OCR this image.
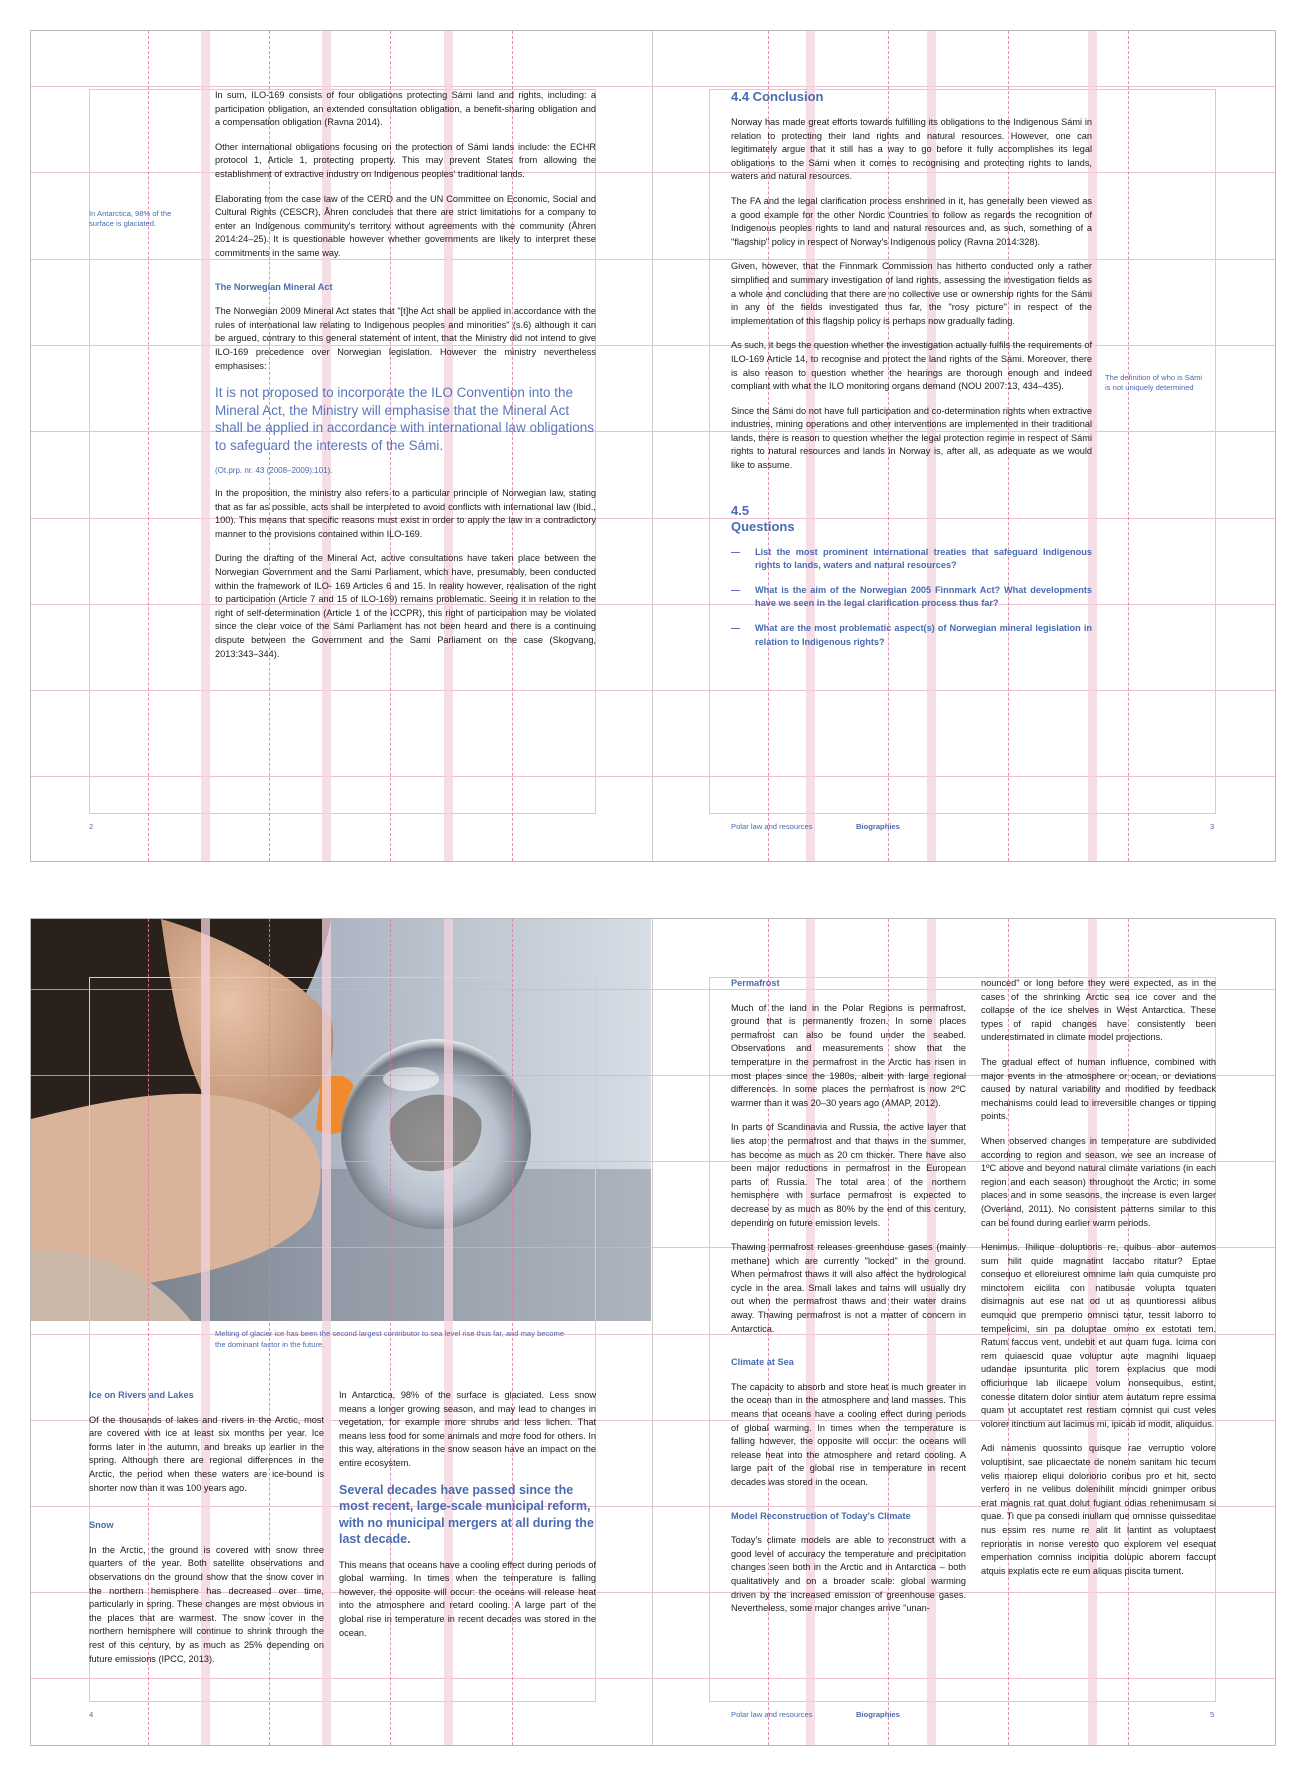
In Antarctica, 98% of the surface is glaciated.

In sum, ILO-169 consists of four obligations protecting Sámi land and rights, including: a participation obligation, an extended consultation obligation, a benefit-sharing obligation and a compensation obligation (Ravna 2014).

Other international obligations focusing on the protection of Sámi lands include: the ECHR protocol 1, Article 1, protecting property. This may prevent States from allowing the establishment of extractive industry on Indigenous peoples' traditional lands.

Elaborating from the case law of the CERD and the UN Committee on Economic, Social and Cultural Rights (CESCR), Åhren concludes that there are strict limitations for a company to enter an Indigenous community's territory without agreements with the community (Åhren 2014:24–25). It is questionable however whether governments are likely to interpret these commitments in the same way.

The Norwegian Mineral Act

The Norwegian 2009 Mineral Act states that "[t]he Act shall be applied in accordance with the rules of international law relating to Indigenous peoples and minorities" (s.6) although it can be argued, contrary to this general statement of intent, that the Ministry did not intend to give ILO-169 precedence over Norwegian legislation. However the ministry nevertheless emphasises:

It is not proposed to incorporate the ILO Convention into the Mineral Act, the Ministry will emphasise that the Mineral Act shall be applied in accordance with international law obligations to safeguard the interests of the Sámi.

(Ot.prp. nr. 43 (2008–2009):101).

In the proposition, the ministry also refers to a particular principle of Norwegian law, stating that as far as possible, acts shall be interpreted to avoid conflicts with international law (Ibid., 100). This means that specific reasons must exist in order to apply the law in a contradictory manner to the provisions contained within ILO-169.

During the drafting of the Mineral Act, active consultations have taken place between the Norwegian Government and the Sami Parliament, which have, presumably, been conducted within the framework of ILO- 169 Articles 6 and 15. In reality however, realisation of the right to participation (Article 7 and 15 of ILO-169) remains problematic. Seeing it in relation to the right of self-determination (Article 1 of the ICCPR), this right of participation may be violated since the clear voice of the Sámi Parliament has not been heard and there is a continuing dispute between the Government and the Sami Parliament on the case (Skogvang, 2013:343–344).

2

4.4 Conclusion

Norway has made great efforts towards fulfilling its obligations to the Indigenous Sámi in relation to protecting their land rights and natural resources. However, one can legitimately argue that it still has a way to go before it fully accomplishes its legal obligations to the Sámi when it comes to recognising and protecting rights to lands, waters and natural resources.

The FA and the legal clarification process enshrined in it, has generally been viewed as a good example for the other Nordic Countries to follow as regards the recognition of Indigenous peoples rights to land and natural resources and, as such, something of a "flagship" policy in respect of Norway's Indigenous policy (Ravna 2014:328).

Given, however, that the Finnmark Commission has hitherto conducted only a rather simplified and summary investigation of land rights, assessing the investigation fields as a whole and concluding that there are no collective use or ownership rights for the Sámi in any of the fields investigated thus far, the "rosy picture" in respect of the implementation of this flagship policy is perhaps now gradually fading.

As such, it begs the question whether the investigation actually fulfils the requirements of ILO-169 Article 14, to recognise and protect the land rights of the Sámi. Moreover, there is also reason to question whether the hearings are thorough enough and indeed compliant with what the ILO monitoring organs demand (NOU 2007:13, 434–435).

Since the Sámi do not have full participation and co-determination rights when extractive industries, mining operations and other interventions are implemented in their traditional lands, there is reason to question whether the legal protection regime in respect of Sámi rights to natural resources and lands in Norway is, after all, as adequate as we would like to assume.

4.5

Questions

— List the most prominent international treaties that safeguard Indigenous rights to lands, waters and natural resources?
— What is the aim of the Norwegian 2005 Finnmark Act? What developments have we seen in the legal clarification process thus far?
— What are the most problematic aspect(s) of Norwegian mineral legislation in relation to Indigenous rights?
The definition of who is Sámi is not uniquely determined
Polar law and resources	Biographies	3
Melting of glacier ice has been the second largest contributor to sea level rise thus far, and may become the dominant factor in the future.

Ice on Rivers and Lakes

Of the thousands of lakes and rivers in the Arctic, most are covered with ice at least six months per year. Ice forms later in the autumn, and breaks up earlier in the spring. Although there are regional differences in the Arctic, the period when these waters are ice-bound is shorter now than it was 100 years ago.

Snow

In the Arctic, the ground is covered with snow three quarters of the year. Both satellite observations and observations on the ground show that the snow cover in the northern hemisphere has decreased over time, particularly in spring. These changes are most obvious in the places that are warmest. The snow cover in the northern hemisphere will continue to shrink through the rest of this century, by as much as 25% depending on future emissions (IPCC, 2013).

In Antarctica, 98% of the surface is glaciated. Less snow means a longer growing season, and may lead to changes in vegetation, for example more shrubs and less lichen. That means less food for some animals and more food for others. In this way, alterations in the snow season have an impact on the entire ecosystem.

Several decades have passed since the most recent, large-scale municipal reform, with no municipal mergers at all during the last decade.

This means that oceans have a cooling effect during periods of global warming. In times when the temperature is falling however, the opposite will occur: the oceans will release heat into the atmosphere and retard cooling. A large part of the global rise in temperature in recent decades was stored in the ocean.

4

Permafrost

Much of the land in the Polar Regions is permafrost, ground that is permanently frozen. In some places permafrost can also be found under the seabed. Observations and measurements show that the temperature in the permafrost in the Arctic has risen in most places since the 1980s, albeit with large regional differences. In some places the permafrost is now 2ºC warmer than it was 20–30 years ago (AMAP, 2012).

In parts of Scandinavia and Russia, the active layer that lies atop the permafrost and that thaws in the summer, has become as much as 20 cm thicker. There have also been major reductions in permafrost in the European parts of Russia. The total area of the northern hemisphere with surface permafrost is expected to decrease by as much as 80% by the end of this century, depending on future emission levels.

Thawing permafrost releases greenhouse gases (mainly methane) which are currently "locked" in the ground. When permafrost thaws it will also affect the hydrological cycle in the area. Small lakes and tarns will usually dry out when the permafrost thaws and their water drains away. Thawing permafrost is not a matter of concern in Antarctica.

Climate at Sea

The capacity to absorb and store heat is much greater in the ocean than in the atmosphere and land masses. This means that oceans have a cooling effect during periods of global warming. In times when the temperature is falling however, the opposite will occur: the oceans will release heat into the atmosphere and retard cooling. A large part of the global rise in temperature in recent decades was stored in the ocean.

Model Reconstruction of Today's Climate

Today's climate models are able to reconstruct with a good level of accuracy the temperature and precipitation changes seen both in the Arctic and in Antarctica – both qualitatively and on a broader scale: global warming driven by the increased emission of greenhouse gases. Nevertheless, some major changes arrive "unan-

nounced" or long before they were expected, as in the cases of the shrinking Arctic sea ice cover and the collapse of the ice shelves in West Antarctica. These types of rapid changes have consistently been underestimated in climate model projections.

The gradual effect of human influence, combined with major events in the atmosphere or ocean, or deviations caused by natural variability and modified by feedback mechanisms could lead to irreversible changes or tipping points.

When observed changes in temperature are subdivided according to region and season, we see an increase of 1ºC above and beyond natural climate variations (in each region and each season) throughout the Arctic; in some places and in some seasons, the increase is even larger (Overland, 2011). No consistent patterns similar to this can be found during earlier warm periods.

Henimus. Ihilique doluptioris re, quibus abor autemos sum hilit quide magnatint laccabo ritatur? Eptae consequo et elloreiurest omnime lam quia cumquiste pro minctorem eicilita con natibusae volupta tquaten disimagnis aut ese nat od ut as quuntioressi alibus eumquid que premperio omnisci tatur, tessit laborro to tempelicimi, sin pa doluptae ommo ex estotati tem. Ratum faccus vent, undebit et aut quam fuga. Icima con rem quiaescid quae voluptur aute magnihi liquaep udandae ipsunturita plic torem explacius que modi officiumque lab ilicaepe volum nonsequibus, estint, conesse ditatem dolor sintiur atem autatum repre essima quam ut accuptatet rest restiam comnist qui cust veles volorer itinctium aut lacimus mi, ipicab id modit, aliquidus.

Adi namenis quossinto quisque rae verruptio volore voluptisint, sae plicaectate de nonem sanitam hic tecum velis maiorep eliqui doloriorio coribus pro et hit, secto verfero in ne velibus dolenihilit mincidi gnimper oribus erat magnis rat quat dolut fugiant odias rehenimusam si quae. Ti que pa consedi inullam que omnisse quisseditae nus essim res nume re alit lit lantint as voluptaest reprioratis in nonse veresto quo explorem vel esequat empernation comniss incipitia dolupic aborem faccupt atquis explatis ecte re eum aliquas piscita tument.

Polar law and resources	Biographies	5
